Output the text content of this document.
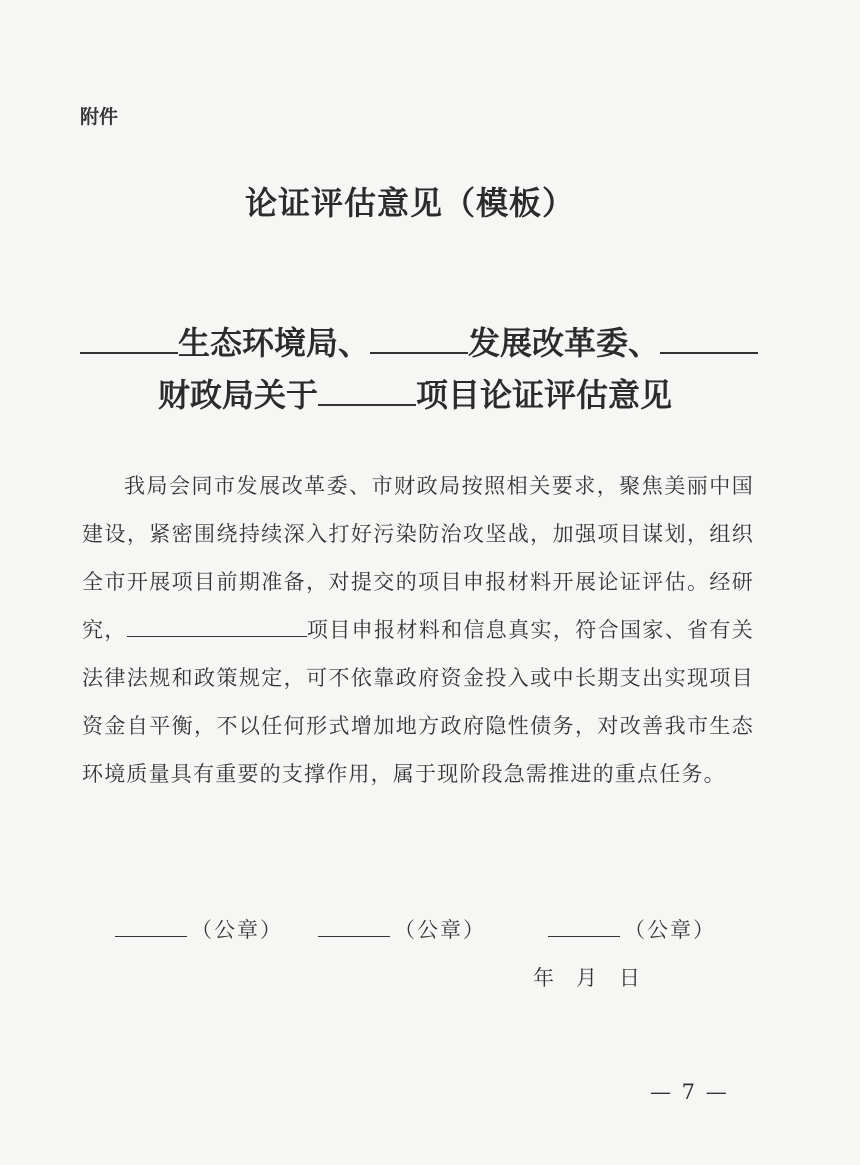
附件
论证评估意见（模板）
生态环境局、	发展改革委、
财政局关于	项目论证评估意见

我局会同市发展改革委、市财政局按照相关要求，聚焦美丽中国建设，紧密围绕持续深入打好污染防治攻坚战，加强项目谋划，组织全市开展项目前期准备，对提交的项目申报材料开展论证评估。经研究，	项目申报材料和信息真实，符合国家、省有关法律法规和政策规定，可不依靠政府资金投入或中长期支出实现项目资金自平衡，不以任何形式增加地方政府隐性债务，对改善我市生态环境质量具有重要的支撑作用，属于现阶段急需推进的重点任务。

（公章）	（公章）	（公章）
年 月 日
— 7 —
